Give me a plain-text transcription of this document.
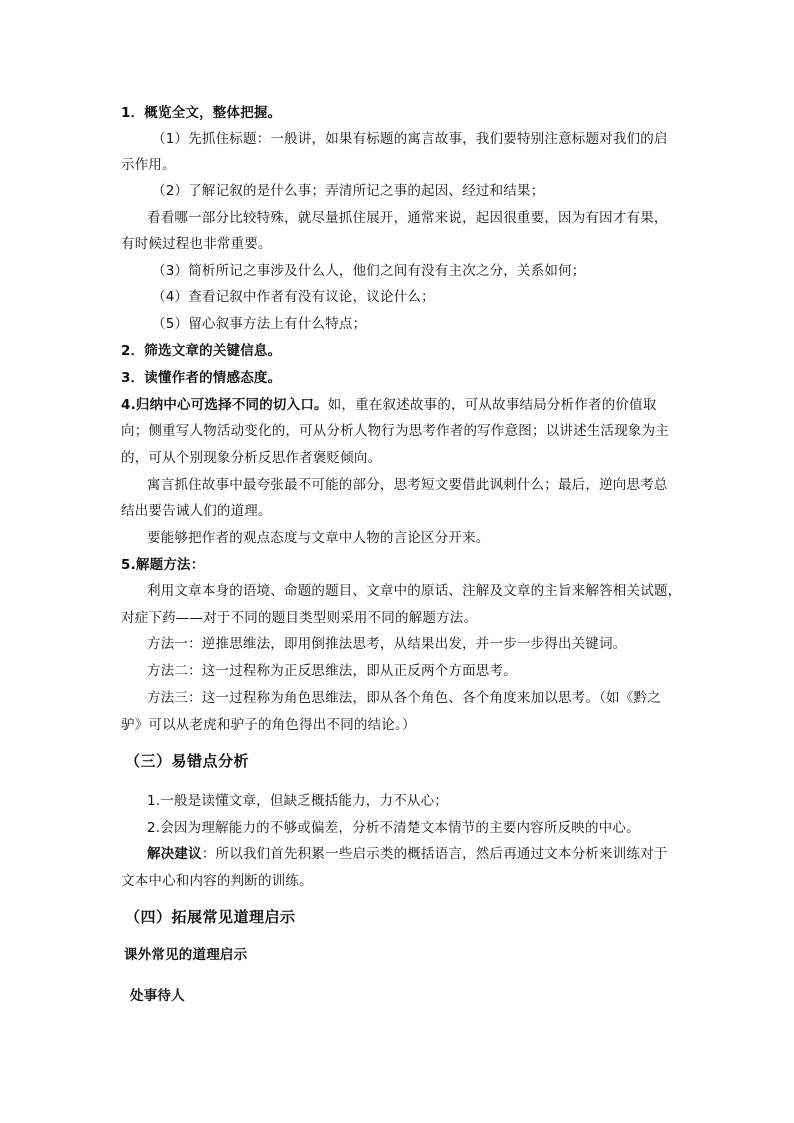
1．概览全文，整体把握。
（1）先抓住标题：一般讲，如果有标题的寓言故事，我们要特别注意标题对我们的启
示作用。
（2）了解记叙的是什么事；弄清所记之事的起因、经过和结果；
看看哪一部分比较特殊，就尽量抓住展开，通常来说，起因很重要，因为有因才有果，
有时候过程也非常重要。
（3）简析所记之事涉及什么人，他们之间有没有主次之分，关系如何；
（4）查看记叙中作者有没有议论，议论什么；
（5）留心叙事方法上有什么特点；
2．筛选文章的关键信息。
3．读懂作者的情感态度。
4.归纳中心可选择不同的切入口。如，重在叙述故事的，可从故事结局分析作者的价值取
向；侧重写人物活动变化的，可从分析人物行为思考作者的写作意图；以讲述生活现象为主
的，可从个别现象分析反思作者褒贬倾向。
寓言抓住故事中最夸张最不可能的部分，思考短文要借此讽刺什么；最后，逆向思考总
结出要告诫人们的道理。
要能够把作者的观点态度与文章中人物的言论区分开来。
5.解题方法：
利用文章本身的语境、命题的题目、文章中的原话、注解及文章的主旨来解答相关试题，
对症下药——对于不同的题目类型则采用不同的解题方法。
方法一：逆推思维法，即用倒推法思考，从结果出发，并一步一步得出关键词。
方法二：这一过程称为正反思维法，即从正反两个方面思考。
方法三：这一过程称为角色思维法，即从各个角色、各个角度来加以思考。（如《黔之
驴》可以从老虎和驴子的角色得出不同的结论。）
（三）易错点分析
1.一般是读懂文章，但缺乏概括能力，力不从心；
2.会因为理解能力的不够或偏差，分析不清楚文本情节的主要内容所反映的中心。
解决建议：所以我们首先积累一些启示类的概括语言，然后再通过文本分析来训练对于
文本中心和内容的判断的训练。
（四）拓展常见道理启示
课外常见的道理启示
处事待人
